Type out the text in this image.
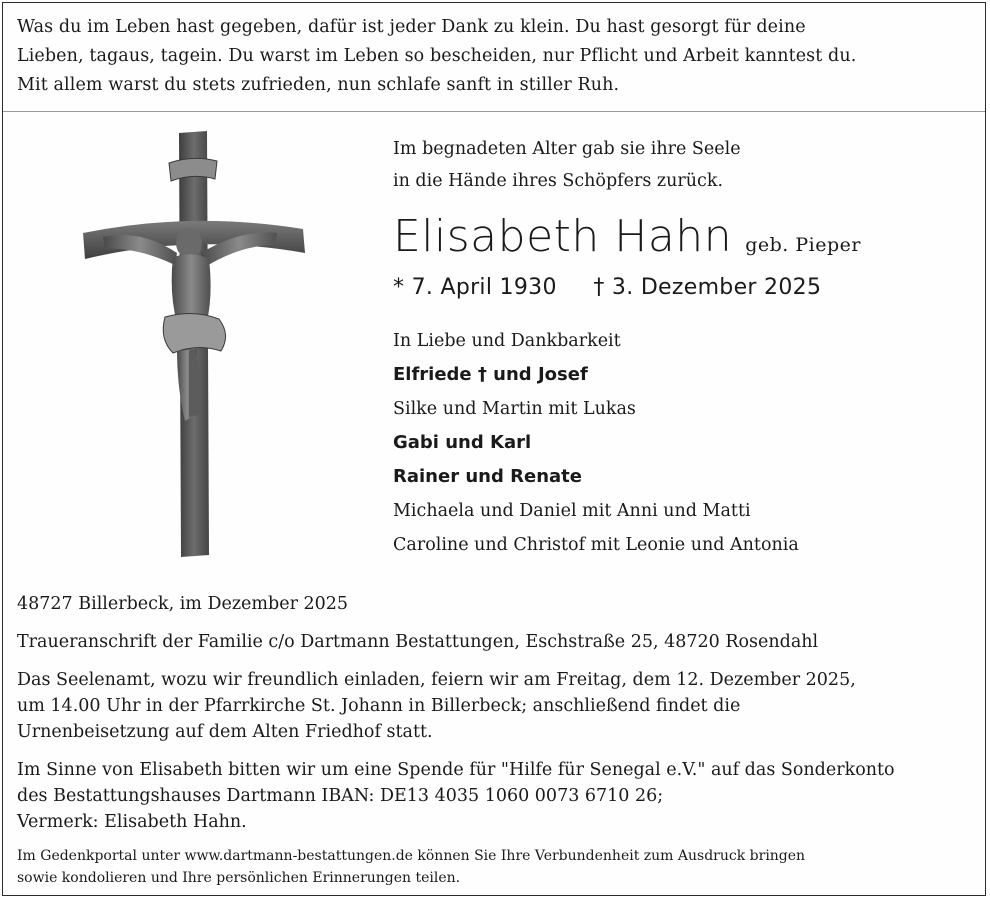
Was du im Leben hast gegeben, dafür ist jeder Dank zu klein. Du hast gesorgt für deine
Lieben, tagaus, tagein. Du warst im Leben so bescheiden, nur Pflicht und Arbeit kanntest du.
Mit allem warst du stets zufrieden, nun schlafe sanft in stiller Ruh.
Im begnadeten Alter gab sie ihre Seele
in die Hände ihres Schöpfers zurück.
Elisabeth Hahn geb. Pieper
* 7. April 1930 † 3. Dezember 2025
In Liebe und Dankbarkeit
Elfriede † und Josef
Silke und Martin mit Lukas
Gabi und Karl
Rainer und Renate
Michaela und Daniel mit Anni und Matti
Caroline und Christof mit Leonie und Antonia
48727 Billerbeck, im Dezember 2025
Traueranschrift der Familie c/o Dartmann Bestattungen, Eschstraße 25, 48720 Rosendahl
Das Seelenamt, wozu wir freundlich einladen, feiern wir am Freitag, dem 12. Dezember 2025,
um 14.00 Uhr in der Pfarrkirche St. Johann in Billerbeck; anschließend findet die
Urnenbeisetzung auf dem Alten Friedhof statt.
Im Sinne von Elisabeth bitten wir um eine Spende für "Hilfe für Senegal e.V." auf das Sonderkonto
des Bestattungshauses Dartmann IBAN: DE13 4035 1060 0073 6710 26;
Vermerk: Elisabeth Hahn.
Im Gedenkportal unter www.dartmann-bestattungen.de können Sie Ihre Verbundenheit zum Ausdruck bringen
sowie kondolieren und Ihre persönlichen Erinnerungen teilen.
